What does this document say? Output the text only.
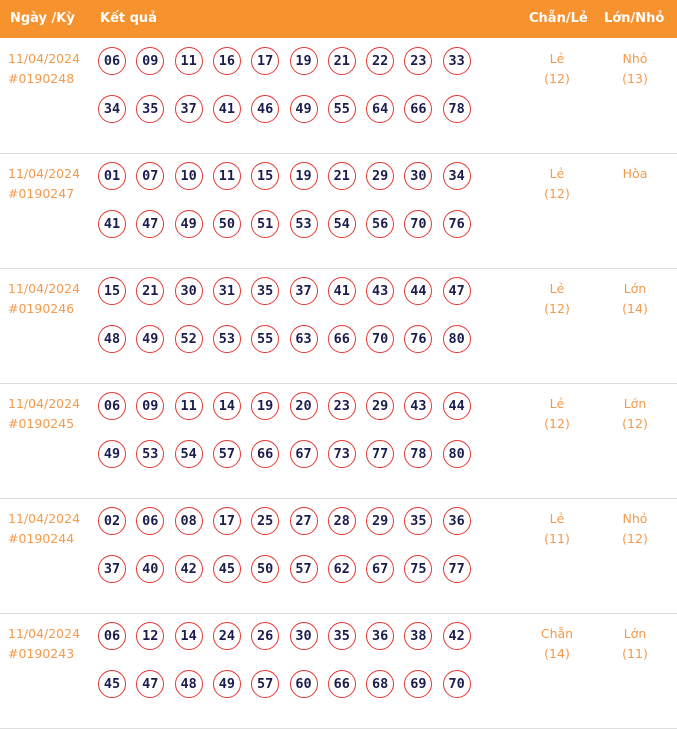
Ngày /Kỳ Kết quả	Chẵn/Lẻ Lớn/Nhỏ
11/04/2024
#0190248
06	09	11	16	17	19	21	22	23	33
34	35	37	41	46	49	55	64	66	78
Lẻ
(12)
Nhỏ
(13)
11/04/2024
#0190247
01	07	10	11	15	19	21	29	30	34
41	47	49	50	51	53	54	56	70	76
Lẻ
(12)
Hòa
11/04/2024
#0190246
15	21	30	31	35	37	41	43	44	47
48	49	52	53	55	63	66	70	76	80
Lẻ
(12)
Lớn
(14)
11/04/2024
#0190245
06	09	11	14	19	20	23	29	43	44
49	53	54	57	66	67	73	77	78	80
Lẻ
(12)
Lớn
(12)
11/04/2024
#0190244
02	06	08	17	25	27	28	29	35	36
37	40	42	45	50	57	62	67	75	77
Lẻ
(11)
Nhỏ
(12)
11/04/2024
#0190243
06	12	14	24	26	30	35	36	38	42
45	47	48	49	57	60	66	68	69	70
Chẵn
(14)
Lớn
(11)
